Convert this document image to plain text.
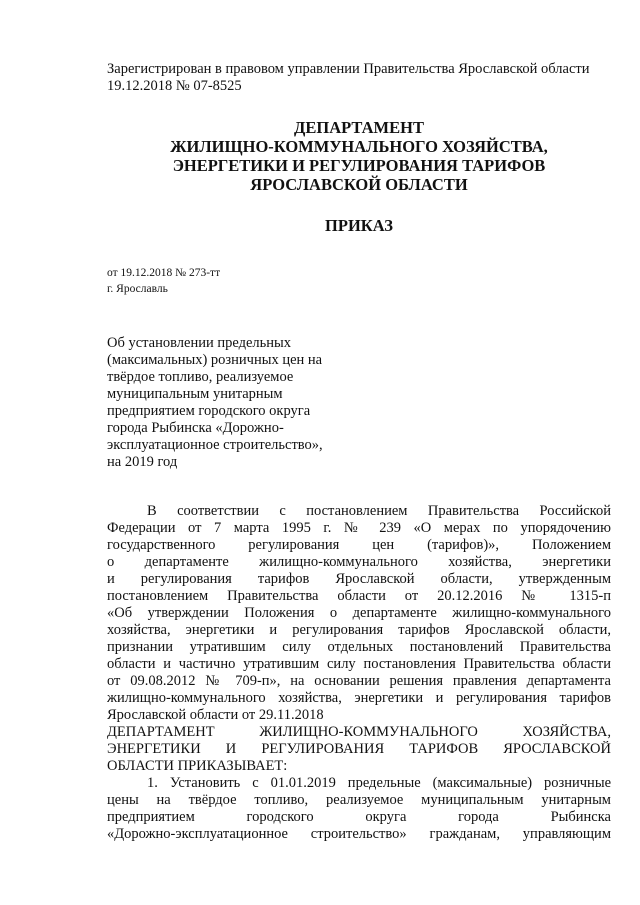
Зарегистрирован в правовом управлении Правительства Ярославской области
19.12.2018 № 07-8525
ДЕПАРТАМЕНТ
ЖИЛИЩНО-КОММУНАЛЬНОГО ХОЗЯЙСТВА,
ЭНЕРГЕТИКИ И РЕГУЛИРОВАНИЯ ТАРИФОВ
ЯРОСЛАВСКОЙ ОБЛАСТИ
ПРИКАЗ
от 19.12.2018 № 273-тт
г. Ярославль
Об установлении предельных
(максимальных) розничных цен на
твёрдое топливо, реализуемое
муниципальным унитарным
предприятием городского округа
города Рыбинска «Дорожно-
эксплуатационное строительство»,
на 2019 год
В соответствии с постановлением Правительства Российской
Федерации от 7 марта 1995 г. № 239 «О мерах по упорядочению
государственного регулирования цен (тарифов)», Положением
о департаменте жилищно-коммунального хозяйства, энергетики
и регулирования тарифов Ярославской области, утвержденным
постановлением Правительства области от 20.12.2016 № 1315-п
«Об утверждении Положения о департаменте жилищно-коммунального
хозяйства, энергетики и регулирования тарифов Ярославской области,
признании утратившим силу отдельных постановлений Правительства
области и частично утратившим силу постановления Правительства области
от 09.08.2012 № 709-п», на основании решения правления департамента
жилищно-коммунального хозяйства, энергетики и регулирования тарифов
Ярославской области от 29.11.2018
ДЕПАРТАМЕНТ ЖИЛИЩНО-КОММУНАЛЬНОГО ХОЗЯЙСТВА,
ЭНЕРГЕТИКИ И РЕГУЛИРОВАНИЯ ТАРИФОВ ЯРОСЛАВСКОЙ
ОБЛАСТИ ПРИКАЗЫВАЕТ:
1. Установить с 01.01.2019 предельные (максимальные) розничные
цены на твёрдое топливо, реализуемое муниципальным унитарным
предприятием городского округа города Рыбинска
«Дорожно-эксплуатационное строительство» гражданам, управляющим
